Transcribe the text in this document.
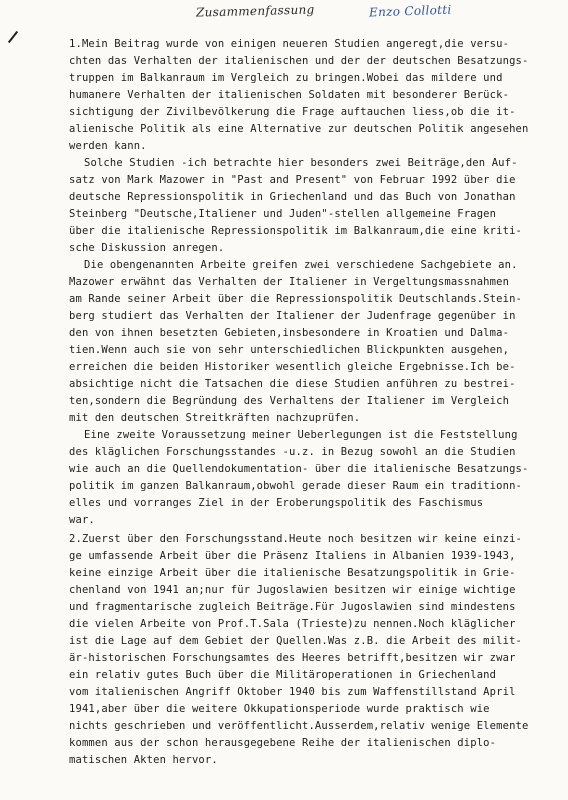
Zusammenfassung	Enzo Collotti
1.Mein Beitrag wurde von einigen neueren Studien angeregt,die versu-
chten das Verhalten der italienischen und der der deutschen Besatzungs-
truppen im Balkanraum im Vergleich zu bringen.Wobei das mildere und
humanere Verhalten der italienischen Soldaten mit besonderer Berück-
sichtigung der Zivilbevölkerung die Frage auftauchen liess,ob die it-
alienische Politik als eine Alternative zur deutschen Politik angesehen
werden kann.
Solche Studien -ich betrachte hier besonders zwei Beiträge,den Auf-
satz von Mark Mazower in "Past and Present" von Februar 1992 über die
deutsche Repressionspolitik in Griechenland und das Buch von Jonathan
Steinberg "Deutsche,Italiener und Juden"-stellen allgemeine Fragen
über die italienische Repressionspolitik im Balkanraum,die eine kriti-
sche Diskussion anregen.
Die obengenannten Arbeite greifen zwei verschiedene Sachgebiete an.
Mazower erwähnt das Verhalten der Italiener in Vergeltungsmassnahmen
am Rande seiner Arbeit über die Repressionspolitik Deutschlands.Stein-
berg studiert das Verhalten der Italiener der Judenfrage gegenüber in
den von ihnen besetzten Gebieten,insbesondere in Kroatien und Dalma-
tien.Wenn auch sie von sehr unterschiedlichen Blickpunkten ausgehen,
erreichen die beiden Historiker wesentlich gleiche Ergebnisse.Ich be-
absichtige nicht die Tatsachen die diese Studien anführen zu bestrei-
ten,sondern die Begründung des Verhaltens der Italiener im Vergleich
mit den deutschen Streitkräften nachzuprüfen.
Eine zweite Voraussetzung meiner Ueberlegungen ist die Feststellung
des kläglichen Forschungsstandes -u.z. in Bezug sowohl an die Studien
wie auch an die Quellendokumentation- über die italienische Besatzungs-
politik im ganzen Balkanraum,obwohl gerade dieser Raum ein traditionn-
elles und vorranges Ziel in der Eroberungspolitik des Faschismus
war.
2.Zuerst über den Forschungsstand.Heute noch besitzen wir keine einzi-
ge umfassende Arbeit über die Präsenz Italiens in Albanien 1939-1943,
keine einzige Arbeit über die italienische Besatzungspolitik in Grie-
chenland von 1941 an;nur für Jugoslawien besitzen wir einige wichtige
und fragmentarische zugleich Beiträge.Für Jugoslawien sind mindestens
die vielen Arbeite von Prof.T.Sala (Trieste)zu nennen.Noch kläglicher
ist die Lage auf dem Gebiet der Quellen.Was z.B. die Arbeit des milit-
är-historischen Forschungsamtes des Heeres betrifft,besitzen wir zwar
ein relativ gutes Buch über die Militäroperationen in Griechenland
vom italienischen Angriff Oktober 1940 bis zum Waffenstillstand April
1941,aber über die weitere Okkupationsperiode wurde praktisch wie
nichts geschrieben und veröffentlicht.Ausserdem,relativ wenige Elemente
kommen aus der schon herausgegebene Reihe der italienischen diplo-
matischen Akten hervor.
